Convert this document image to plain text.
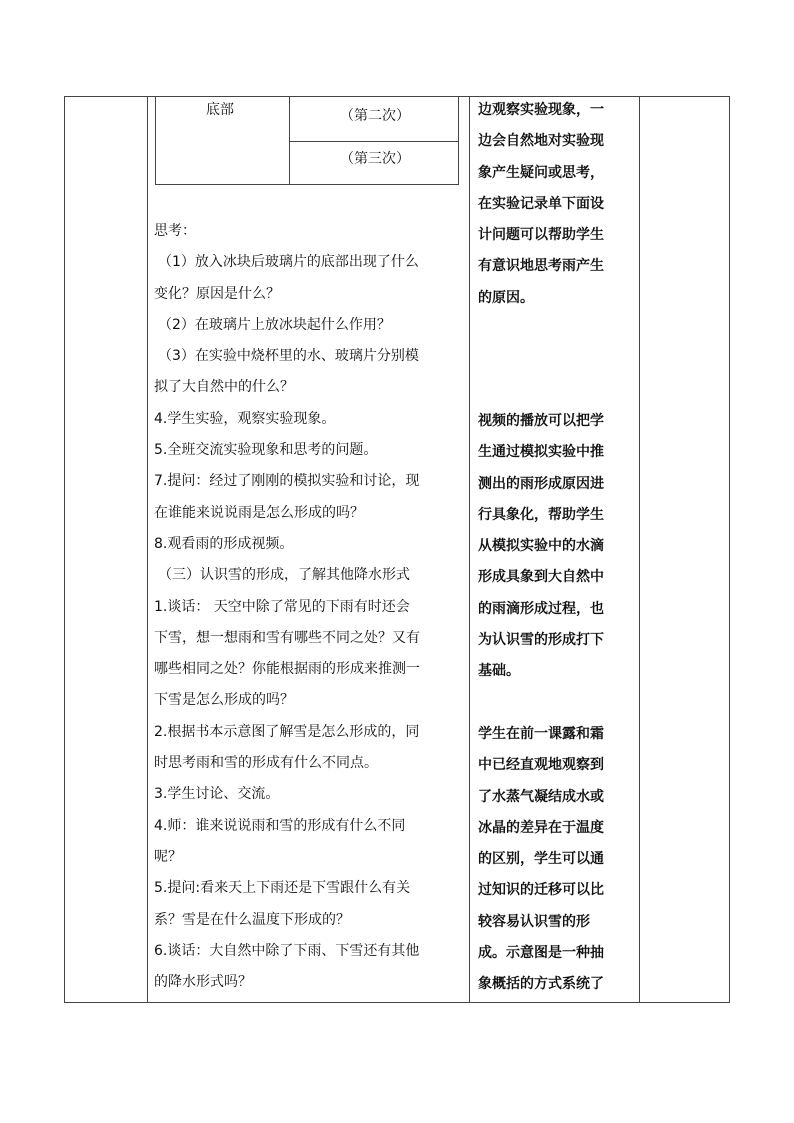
底部	（第二次）
（第三次）
思考：
（1）放入冰块后玻璃片的底部出现了什么
变化？原因是什么？
（2）在玻璃片上放冰块起什么作用？
（3）在实验中烧杯里的水、玻璃片分别模
拟了大自然中的什么？
4.学生实验，观察实验现象。
5.全班交流实验现象和思考的问题。
7.提问：经过了刚刚的模拟实验和讨论，现
在谁能来说说雨是怎么形成的吗？
8.观看雨的形成视频。
（三）认识雪的形成，了解其他降水形式
1.谈话： 天空中除了常见的下雨有时还会
下雪，想一想雨和雪有哪些不同之处？又有
哪些相同之处？你能根据雨的形成来推测一
下雪是怎么形成的吗？
2.根据书本示意图了解雪是怎么形成的，同
时思考雨和雪的形成有什么不同点。
3.学生讨论、交流。
4.师：谁来说说雨和雪的形成有什么不同
呢？
5.提问:看来天上下雨还是下雪跟什么有关
系？雪是在什么温度下形成的？
6.谈话：大自然中除了下雨、下雪还有其他
的降水形式吗？
边观察实验现象，一
边会自然地对实验现
象产生疑问或思考，
在实验记录单下面设
计问题可以帮助学生
有意识地思考雨产生
的原因。
视频的播放可以把学
生通过模拟实验中推
测出的雨形成原因进
行具象化，帮助学生
从模拟实验中的水滴
形成具象到大自然中
的雨滴形成过程，也
为认识雪的形成打下
基础。
学生在前一课露和霜
中已经直观地观察到
了水蒸气凝结成水或
冰晶的差异在于温度
的区别，学生可以通
过知识的迁移可以比
较容易认识雪的形
成。示意图是一种抽
象概括的方式系统了
